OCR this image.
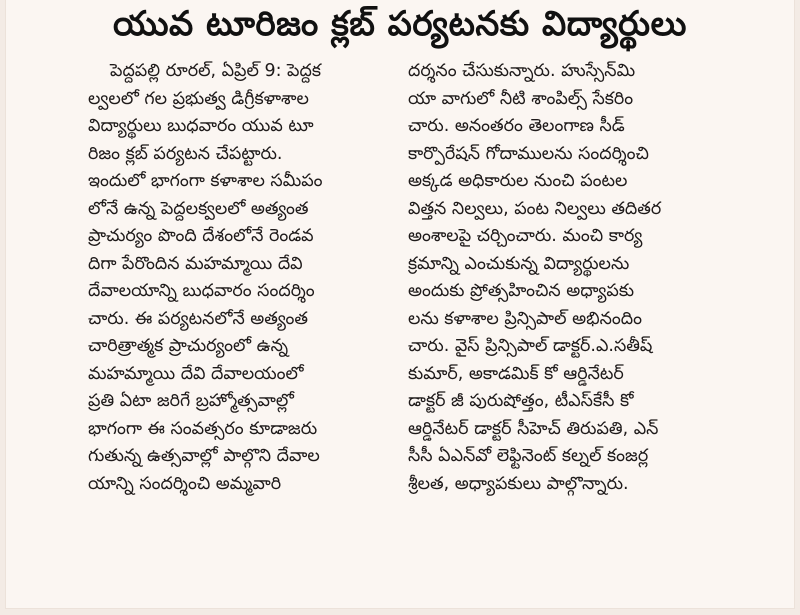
యువ టూరిజం క్లబ్ పర్యటనకు విద్యార్థులు
పెద్దపల్లి రూరల్, ఏప్రిల్ 9: పెద్దక
ల్వలలో గల ప్రభుత్వ డిగ్రీకళాశాల
విద్యార్థులు బుధవారం యువ టూ
రిజం క్లబ్ పర్యటన చేపట్టారు.
ఇందులో భాగంగా కళాశాల సమీపం
లోనే ఉన్న పెద్దలక్వలలో అత్యంత
ప్రాచుర్యం పొంది దేశంలోనే రెండవ
దిగా పేరొందిన మహమ్మాయి దేవి
దేవాలయాన్ని బుధవారం సందర్శిం
చారు. ఈ పర్యటనలోనే అత్యంత
చారిత్రాత్మక ప్రాచుర్యంలో ఉన్న
మహమ్మాయి దేవి దేవాలయంలో
ప్రతి ఏటా జరిగే బ్రహ్మోత్సవాల్లో
భాగంగా ఈ సంవత్సరం కూడాజరు
గుతున్న ఉత్సవాల్లో పాల్గొని దేవాల
యాన్ని సందర్శించి అమ్మవారి
దర్శనం చేసుకున్నారు. హుస్సేన్‌మి
యా వాగులో నీటి శాంపిల్స్ సేకరిం
చారు. అనంతరం తెలంగాణ సీడ్
కార్పొరేషన్ గోదాములను సందర్శించి
అక్కడ అధికారుల నుంచి పంటల
విత్తన నిల్వలు, పంట నిల్వలు తదితర
అంశాలపై చర్చించారు. మంచి కార్య
క్రమాన్ని ఎంచుకున్న విద్యార్థులను
అందుకు ప్రోత్సహించిన అధ్యాపకు
లను కళాశాల ప్రిన్సిపాల్ అభినందిం
చారు. వైస్ ప్రిన్సిపాల్ డాక్టర్.ఎ.సతీష్
కుమార్, అకాడమిక్ కో ఆర్డినేటర్
డాక్టర్ జీ పురుషోత్తం, టీఎస్‌కేసీ కో
ఆర్డినేటర్ డాక్టర్ సీహెచ్ తిరుపతి, ఎన్
సీసీ ఏఎన్‌వో లెఫ్టినెంట్ కల్నల్ కంజర్ల
శ్రీలత, అధ్యాపకులు పాల్గొన్నారు.
